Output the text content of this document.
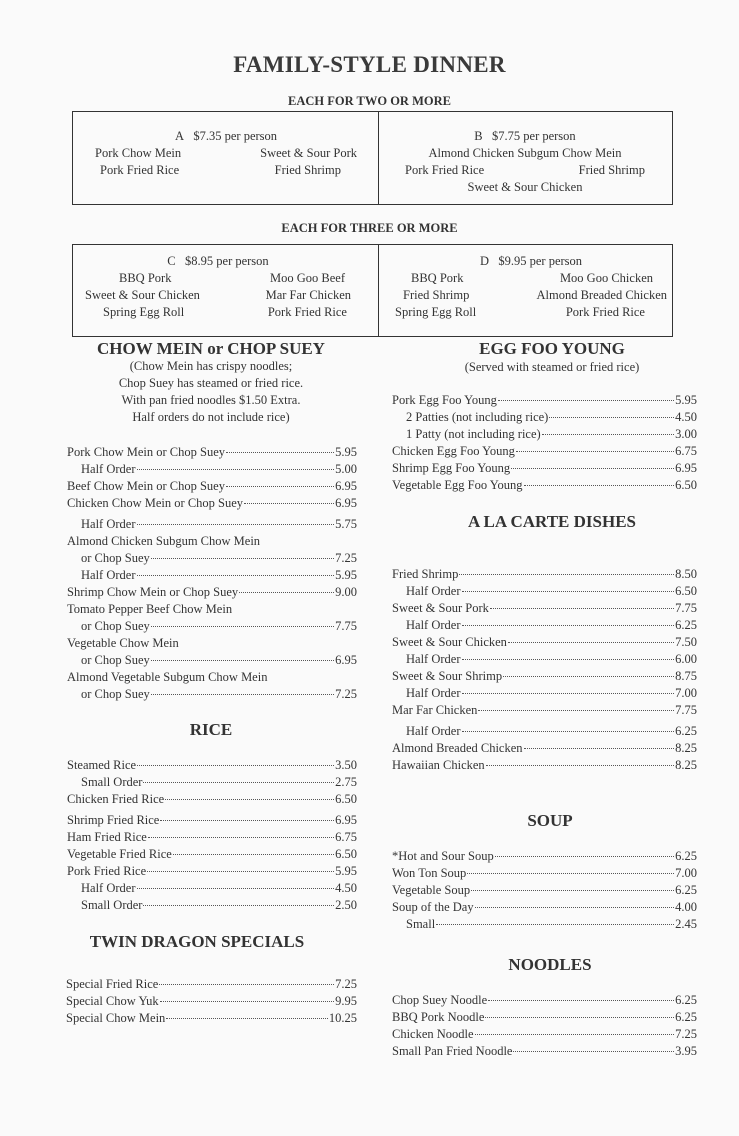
FAMILY-STYLE DINNER
EACH FOR TWO OR MORE
A $7.35 per person
Pork Chow Mein	Sweet & Sour Pork
Pork Fried Rice	Fried Shrimp
B $7.75 per person
Almond Chicken Subgum Chow Mein
Pork Fried Rice	Fried Shrimp
Sweet & Sour Chicken
EACH FOR THREE OR MORE
C $8.95 per person
BBQ Pork	Moo Goo Beef
Sweet & Sour Chicken	Mar Far Chicken
Spring Egg Roll	Pork Fried Rice
D $9.95 per person
BBQ Pork	Moo Goo Chicken
Fried Shrimp	Almond Breaded Chicken
Spring Egg Roll	Pork Fried Rice
CHOW MEIN or CHOP SUEY
(Chow Mein has crispy noodles;
Chop Suey has steamed or fried rice.
With pan fried noodles $1.50 Extra.
Half orders do not include rice)
Pork Chow Mein or Chop Suey	5.95
Half Order	5.00
Beef Chow Mein or Chop Suey	6.95
Chicken Chow Mein or Chop Suey	6.95
Half Order	5.75
Almond Chicken Subgum Chow Mein
or Chop Suey	7.25
Half Order	5.95
Shrimp Chow Mein or Chop Suey	9.00
Tomato Pepper Beef Chow Mein
or Chop Suey	7.75
Vegetable Chow Mein
or Chop Suey	6.95
Almond Vegetable Subgum Chow Mein
or Chop Suey	7.25
RICE
Steamed Rice	3.50
Small Order	2.75
Chicken Fried Rice	6.50
Shrimp Fried Rice	6.95
Ham Fried Rice	6.75
Vegetable Fried Rice	6.50
Pork Fried Rice	5.95
Half Order	4.50
Small Order	2.50
TWIN DRAGON SPECIALS
Special Fried Rice	7.25
Special Chow Yuk	9.95
Special Chow Mein	10.25
EGG FOO YOUNG
(Served with steamed or fried rice)
Pork Egg Foo Young	5.95
2 Patties (not including rice)	4.50
1 Patty (not including rice)	3.00
Chicken Egg Foo Young	6.75
Shrimp Egg Foo Young	6.95
Vegetable Egg Foo Young	6.50
A LA CARTE DISHES
Fried Shrimp	8.50
Half Order	6.50
Sweet & Sour Pork	7.75
Half Order	6.25
Sweet & Sour Chicken	7.50
Half Order	6.00
Sweet & Sour Shrimp	8.75
Half Order	7.00
Mar Far Chicken	7.75
Half Order	6.25
Almond Breaded Chicken	8.25
Hawaiian Chicken	8.25
SOUP
*Hot and Sour Soup	6.25
Won Ton Soup	7.00
Vegetable Soup	6.25
Soup of the Day	4.00
Small	2.45
NOODLES
Chop Suey Noodle	6.25
BBQ Pork Noodle	6.25
Chicken Noodle	7.25
Small Pan Fried Noodle	3.95
